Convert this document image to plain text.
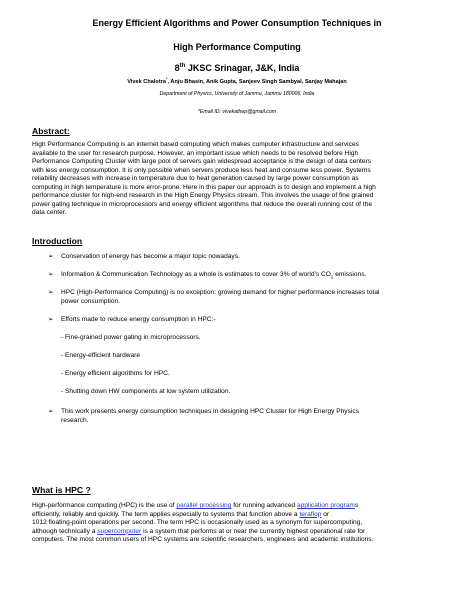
Energy Efficient Algorithms and Power Consumption Techniques in
High Performance Computing
8th JKSC Srinagar, J&K, India
Vivek Chalotra*, Anju Bhasin, Anik Gupta, Sanjeev Singh Sambyal, Sanjay Mahajan
Department of Physics, University of Jammu, Jammu 180006, India
*Email ID: vivekathep@gmail.com
Abstract:
High Performance Computing is an internet based computing which makes computer infrastructure and services
available to the user for research purpose. However, an important issue which needs to be resolved before High
Performance Computing Cluster with large pool of servers gain widespread acceptance is the design of data centers
with less energy consumption. It is only possible when servers produce less heat and consume less power. Systems
reliability decreases with increase in temperature due to heat generation caused by large power consumption as
computing in high temperature is more error-prone. Here in this paper our approach is to design and implement a high
performance cluster for high-end research in the High Energy Physics stream. This involves the usage of fine grained
power gating technique in microprocessors and energy efficient algorithms that reduce the overall running cost of the
data center.
Introduction
➢ Conservation of energy has become a major topic nowadays.
➢ Information & Communication Technology as a whole is estimates to cover 3% of world’s $CO_2$ emissions.
➢ HPC (High-Performance Computing) is no exception: growing demand for higher performance increases total
power consumption.
➢ Efforts made to reduce energy consumption in HPC:-
- Fine-grained power gating in microprocessors.
- Energy-efficient hardware
- Energy efficient algorithms for HPC.
- Shutting down HW components at low system utilization.
➢ This work presents energy consumption techniques in designing HPC Cluster for High Energy Physics
research.
What is HPC ?
High-performance computing (HPC) is the use of parallel processing for running advanced application programs
efficiently, reliably and quickly. The term applies especially to systems that function above a teraflop or
1012 floating-point operations per second. The term HPC is occasionally used as a synonym for supercomputing,
although technically a supercomputer is a system that performs at or near the currently highest operational rate for
computers. The most common users of HPC systems are scientific researchers, engineers and academic institutions.
